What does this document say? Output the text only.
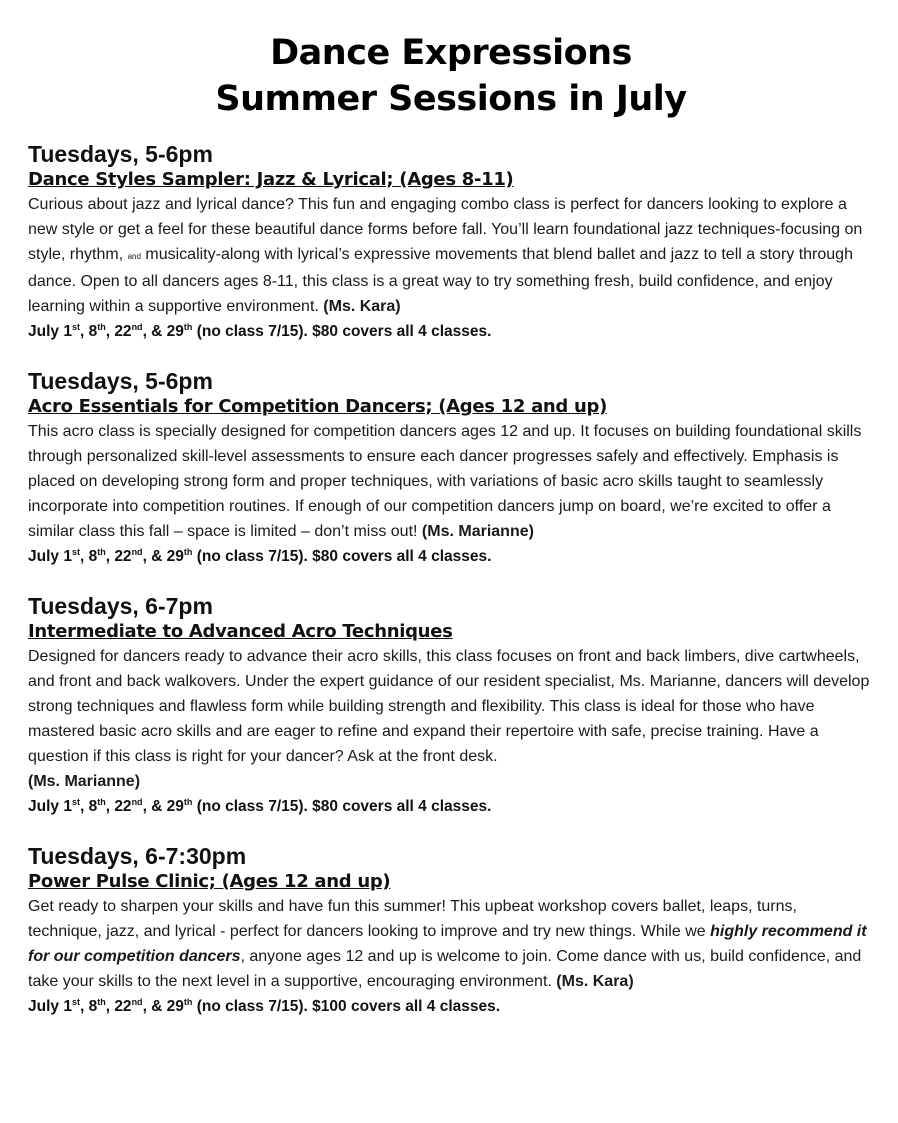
Dance Expressions
Summer Sessions in July

Tuesdays, 5-6pm

Dance Styles Sampler: Jazz & Lyrical; (Ages 8-11)

Curious about jazz and lyrical dance? This fun and engaging combo class is perfect for dancers looking to explore a new style or get a feel for these beautiful dance forms before fall. You’ll learn foundational jazz techniques-focusing on style, rhythm, and musicality-along with lyrical’s expressive movements that blend ballet and jazz to tell a story through dance. Open to all dancers ages 8-11, this class is a great way to try something fresh, build confidence, and enjoy learning within a supportive environment. (Ms. Kara)

July 1st, 8th, 22nd, & 29th (no class 7/15). $80 covers all 4 classes.

Tuesdays, 5-6pm

Acro Essentials for Competition Dancers; (Ages 12 and up)

This acro class is specially designed for competition dancers ages 12 and up. It focuses on building foundational skills through personalized skill-level assessments to ensure each dancer progresses safely and effectively. Emphasis is placed on developing strong form and proper techniques, with variations of basic acro skills taught to seamlessly incorporate into competition routines. If enough of our competition dancers jump on board, we’re excited to offer a similar class this fall – space is limited – don’t miss out! (Ms. Marianne)

July 1st, 8th, 22nd, & 29th (no class 7/15). $80 covers all 4 classes.

Tuesdays, 6-7pm

Intermediate to Advanced Acro Techniques

Designed for dancers ready to advance their acro skills, this class focuses on front and back limbers, dive cartwheels, and front and back walkovers. Under the expert guidance of our resident specialist, Ms. Marianne, dancers will develop strong techniques and flawless form while building strength and flexibility. This class is ideal for those who have mastered basic acro skills and are eager to refine and expand their repertoire with safe, precise training. Have a question if this class is right for your dancer? Ask at the front desk.

(Ms. Marianne)

July 1st, 8th, 22nd, & 29th (no class 7/15). $80 covers all 4 classes.

Tuesdays, 6-7:30pm

Power Pulse Clinic; (Ages 12 and up)

Get ready to sharpen your skills and have fun this summer! This upbeat workshop covers ballet, leaps, turns, technique, jazz, and lyrical - perfect for dancers looking to improve and try new things. While we highly recommend it for our competition dancers, anyone ages 12 and up is welcome to join. Come dance with us, build confidence, and take your skills to the next level in a supportive, encouraging environment. (Ms. Kara)

July 1st, 8th, 22nd, & 29th (no class 7/15). $100 covers all 4 classes.
